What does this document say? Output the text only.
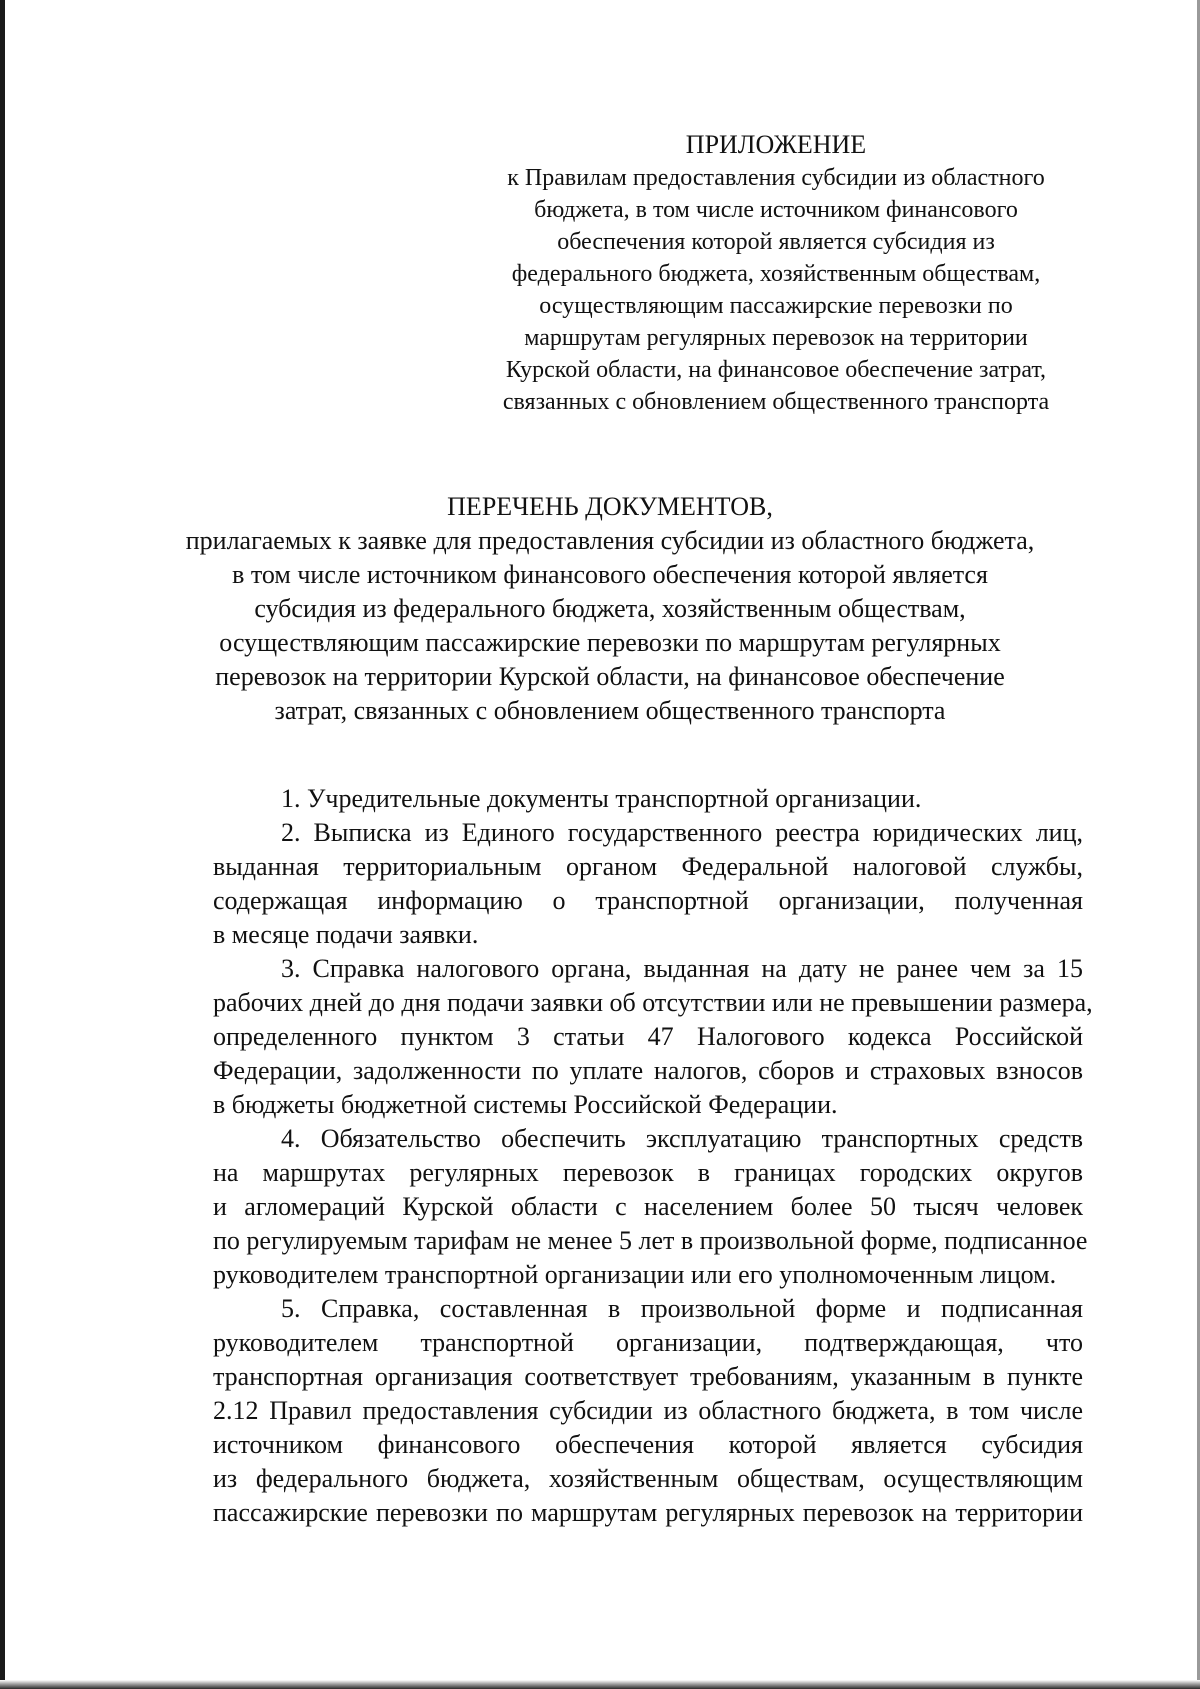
ПРИЛОЖЕНИЕ
к Правилам предоставления субсидии из областного
бюджета, в том числе источником финансового
обеспечения которой является субсидия из
федерального бюджета, хозяйственным обществам,
осуществляющим пассажирские перевозки по
маршрутам регулярных перевозок на территории
Курской области, на финансовое обеспечение затрат,
связанных с обновлением общественного транспорта
ПЕРЕЧЕНЬ ДОКУМЕНТОВ,
прилагаемых к заявке для предоставления субсидии из областного бюджета,
в том числе источником финансового обеспечения которой является
субсидия из федерального бюджета, хозяйственным обществам,
осуществляющим пассажирские перевозки по маршрутам регулярных
перевозок на территории Курской области, на финансовое обеспечение
затрат, связанных с обновлением общественного транспорта
1. Учредительные документы транспортной организации.
2. Выписка из Единого государственного реестра юридических лиц,
выданная территориальным органом Федеральной налоговой службы,
содержащая информацию о транспортной организации, полученная
в месяце подачи заявки.
3. Справка налогового органа, выданная на дату не ранее чем за 15
рабочих дней до дня подачи заявки об отсутствии или не превышении размера,
определенного пунктом 3 статьи 47 Налогового кодекса Российской
Федерации, задолженности по уплате налогов, сборов и страховых взносов
в бюджеты бюджетной системы Российской Федерации.
4. Обязательство обеспечить эксплуатацию транспортных средств
на маршрутах регулярных перевозок в границах городских округов
и агломераций Курской области с населением более 50 тысяч человек
по регулируемым тарифам не менее 5 лет в произвольной форме, подписанное
руководителем транспортной организации или его уполномоченным лицом.
5. Справка, составленная в произвольной форме и подписанная
руководителем транспортной организации, подтверждающая, что
транспортная организация соответствует требованиям, указанным в пункте
2.12 Правил предоставления субсидии из областного бюджета, в том числе
источником финансового обеспечения которой является субсидия
из федерального бюджета, хозяйственным обществам, осуществляющим
пассажирские перевозки по маршрутам регулярных перевозок на территории
